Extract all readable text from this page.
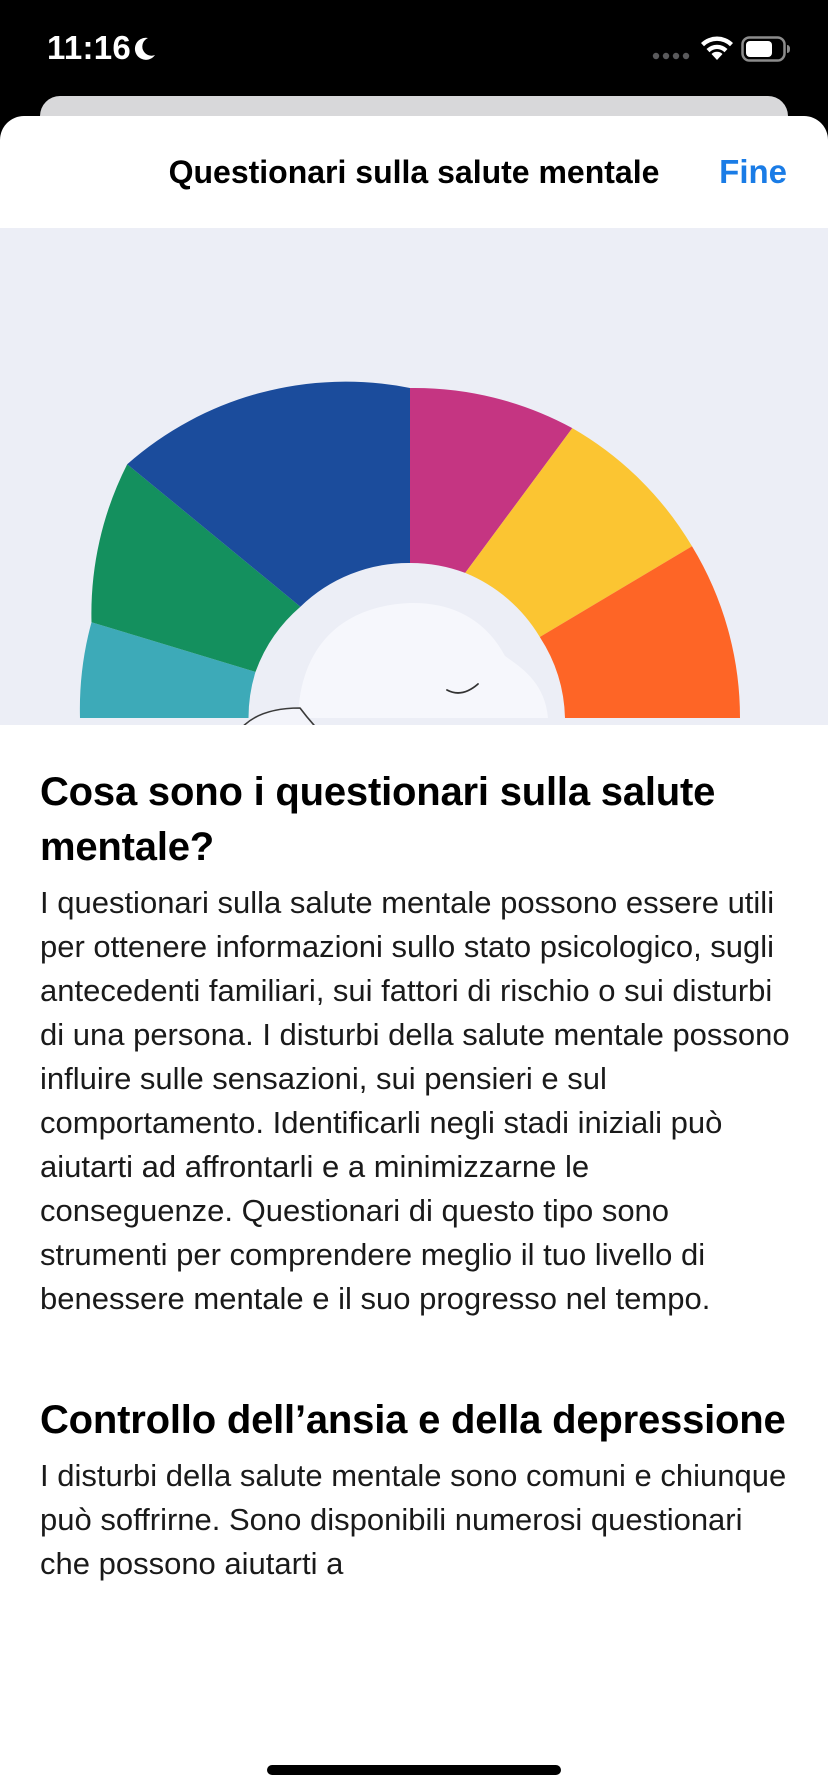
11:16
Questionari sulla salute mentale	Fine
Cosa sono i questionari sulla salute mentale?

I questionari sulla salute mentale possono essere utili per ottenere informazioni sullo stato psicologico, sugli antecedenti familiari, sui fattori di rischio o sui disturbi di una persona. I disturbi della salute mentale possono influire sulle sensazioni, sui pensieri e sul comportamento. Identificarli negli stadi iniziali può aiutarti ad affrontarli e a minimizzarne le conseguenze. Questionari di questo tipo sono strumenti per comprendere meglio il tuo livello di benessere mentale e il suo progresso nel tempo.

Controllo dell’ansia e della depressione

I disturbi della salute mentale sono comuni e chiunque può soffrirne. Sono disponibili numerosi questionari che possono aiutarti a
